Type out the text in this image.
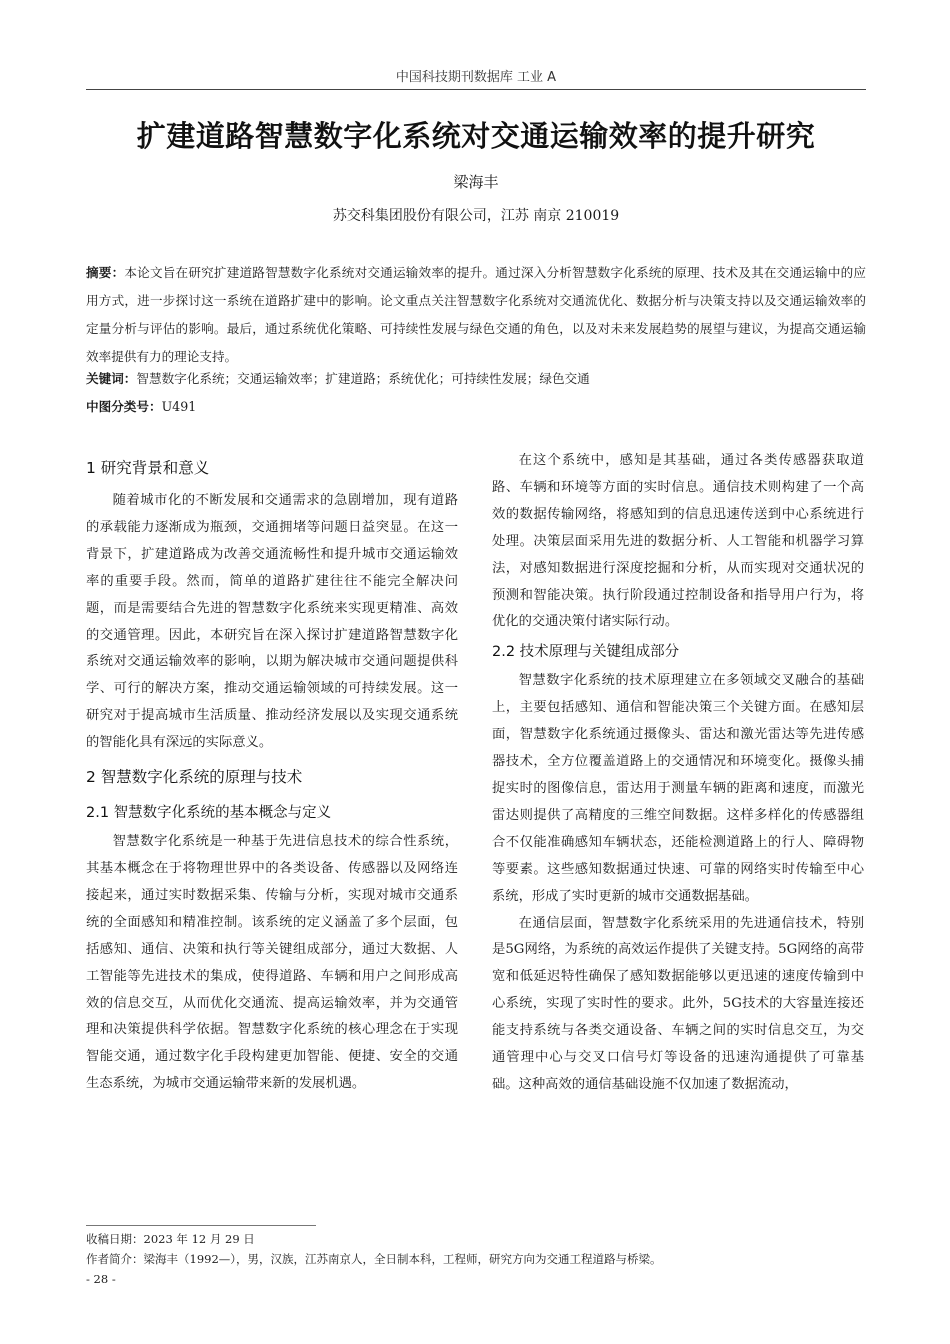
中国科技期刊数据库 工业 A
扩建道路智慧数字化系统对交通运输效率的提升研究
梁海丰
苏交科集团股份有限公司，江苏 南京 210019
摘要：本论文旨在研究扩建道路智慧数字化系统对交通运输效率的提升。通过深入分析智慧数字化系统的原理、技术及其在交通运输中的应用方式，进一步探讨这一系统在道路扩建中的影响。论文重点关注智慧数字化系统对交通流优化、数据分析与决策支持以及交通运输效率的定量分析与评估的影响。最后，通过系统优化策略、可持续性发展与绿色交通的角色，以及对未来发展趋势的展望与建议，为提高交通运输效率提供有力的理论支持。
关键词：智慧数字化系统；交通运输效率；扩建道路；系统优化；可持续性发展；绿色交通
中图分类号：U491
1 研究背景和意义

随着城市化的不断发展和交通需求的急剧增加，现有道路的承载能力逐渐成为瓶颈，交通拥堵等问题日益突显。在这一背景下，扩建道路成为改善交通流畅性和提升城市交通运输效率的重要手段。然而，简单的道路扩建往往不能完全解决问题，而是需要结合先进的智慧数字化系统来实现更精准、高效的交通管理。因此，本研究旨在深入探讨扩建道路智慧数字化系统对交通运输效率的影响，以期为解决城市交通问题提供科学、可行的解决方案，推动交通运输领域的可持续发展。这一研究对于提高城市生活质量、推动经济发展以及实现交通系统的智能化具有深远的实际意义。

2 智慧数字化系统的原理与技术
2.1 智慧数字化系统的基本概念与定义

智慧数字化系统是一种基于先进信息技术的综合性系统，其基本概念在于将物理世界中的各类设备、传感器以及网络连接起来，通过实时数据采集、传输与分析，实现对城市交通系统的全面感知和精准控制。该系统的定义涵盖了多个层面，包括感知、通信、决策和执行等关键组成部分，通过大数据、人工智能等先进技术的集成，使得道路、车辆和用户之间形成高效的信息交互，从而优化交通流、提高运输效率，并为交通管理和决策提供科学依据。智慧数字化系统的核心理念在于实现智能交通，通过数字化手段构建更加智能、便捷、安全的交通生态系统，为城市交通运输带来新的发展机遇。

在这个系统中，感知是其基础，通过各类传感器获取道路、车辆和环境等方面的实时信息。通信技术则构建了一个高效的数据传输网络，将感知到的信息迅速传送到中心系统进行处理。决策层面采用先进的数据分析、人工智能和机器学习算法，对感知数据进行深度挖掘和分析，从而实现对交通状况的预测和智能决策。执行阶段通过控制设备和指导用户行为，将优化的交通决策付诸实际行动。

2.2 技术原理与关键组成部分

智慧数字化系统的技术原理建立在多领域交叉融合的基础上，主要包括感知、通信和智能决策三个关键方面。在感知层面，智慧数字化系统通过摄像头、雷达和激光雷达等先进传感器技术，全方位覆盖道路上的交通情况和环境变化。摄像头捕捉实时的图像信息，雷达用于测量车辆的距离和速度，而激光雷达则提供了高精度的三维空间数据。这样多样化的传感器组合不仅能准确感知车辆状态，还能检测道路上的行人、障碍物等要素。这些感知数据通过快速、可靠的网络实时传输至中心系统，形成了实时更新的城市交通数据基础。

在通信层面，智慧数字化系统采用的先进通信技术，特别是5G网络，为系统的高效运作提供了关键支持。5G网络的高带宽和低延迟特性确保了感知数据能够以更迅速的速度传输到中心系统，实现了实时性的要求。此外，5G技术的大容量连接还能支持系统与各类交通设备、车辆之间的实时信息交互，为交通管理中心与交叉口信号灯等设备的迅速沟通提供了可靠基础。这种高效的通信基础设施不仅加速了数据流动，

收稿日期：2023 年 12 月 29 日
作者简介：梁海丰（1992—），男，汉族，江苏南京人，全日制本科，工程师，研究方向为交通工程道路与桥梁。
- 28 -
